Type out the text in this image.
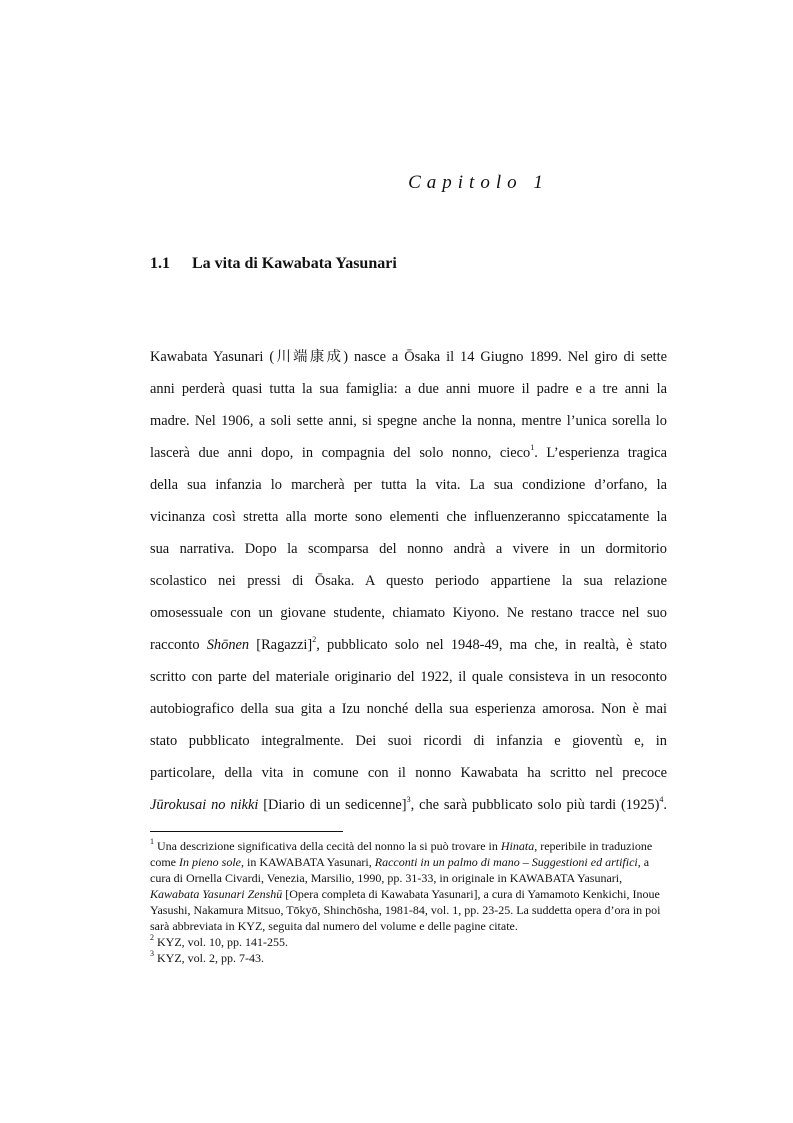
Capitolo 1
1.1 La vita di Kawabata Yasunari
Kawabata Yasunari (川端康成) nasce a Ōsaka il 14 Giugno 1899. Nel giro di sette
anni perderà quasi tutta la sua famiglia: a due anni muore il padre e a tre anni la
madre. Nel 1906, a soli sette anni, si spegne anche la nonna, mentre l’unica sorella lo
lascerà due anni dopo, in compagnia del solo nonno, cieco$^1$. L’esperienza tragica
della sua infanzia lo marcherà per tutta la vita. La sua condizione d’orfano, la
vicinanza così stretta alla morte sono elementi che influenzeranno spiccatamente la
sua narrativa. Dopo la scomparsa del nonno andrà a vivere in un dormitorio
scolastico nei pressi di Ōsaka. A questo periodo appartiene la sua relazione
omosessuale con un giovane studente, chiamato Kiyono. Ne restano tracce nel suo
racconto Shōnen [Ragazzi]$^2$, pubblicato solo nel 1948-49, ma che, in realtà, è stato
scritto con parte del materiale originario del 1922, il quale consisteva in un resoconto
autobiografico della sua gita a Izu nonché della sua esperienza amorosa. Non è mai
stato pubblicato integralmente. Dei suoi ricordi di infanzia e gioventù e, in
particolare, della vita in comune con il nonno Kawabata ha scritto nel precoce
Jūrokusai no nikki [Diario di un sedicenne]$^3$, che sarà pubblicato solo più tardi $(1925)^4$.

$^1$ Una descrizione significativa della cecità del nonno la si può trovare in Hinata, reperibile in traduzione come In pieno sole, in KAWABATA Yasunari, Racconti in un palmo di mano – Suggestioni ed artifici, a cura di Ornella Civardi, Venezia, Marsilio, 1990, pp. 31-33, in originale in KAWABATA Yasunari, Kawabata Yasunari Zenshū [Opera completa di Kawabata Yasunari], a cura di Yamamoto Kenkichi, Inoue Yasushi, Nakamura Mitsuo, Tōkyō, Shinchōsha, 1981-84, vol. 1, pp. 23-25. La suddetta opera d’ora in poi sarà abbreviata in KYZ, seguita dal numero del volume e delle pagine citate.

$^2$ KYZ, vol. 10, pp. 141-255.

$^3$ KYZ, vol. 2, pp. 7-43.
